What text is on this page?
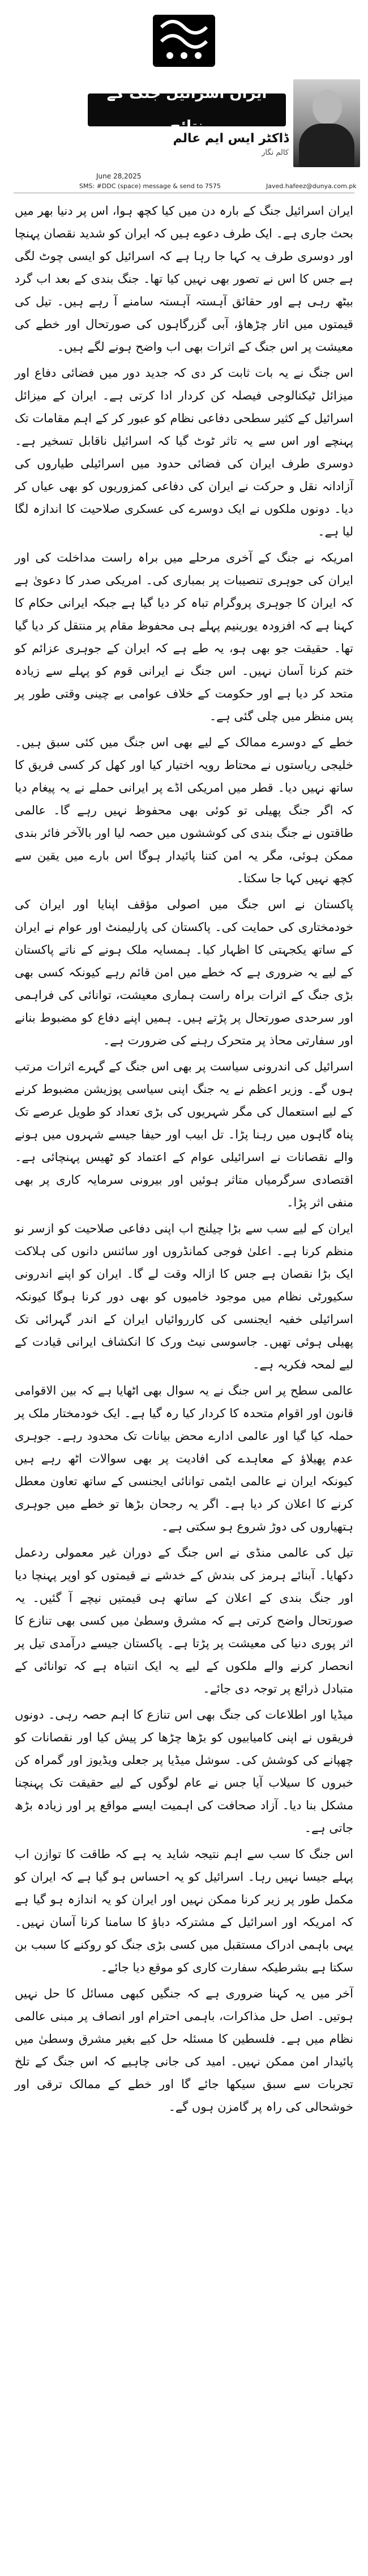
ایران اسرائیل جنگ کے نتائج
ڈاکٹر ایس ایم عالم
کالم نگار
June 28,2025
SMS: #DDC (space) message & send to 7575	Javed.hafeez@dunya.com.pk

ایران اسرائیل جنگ کے بارہ دن میں کیا کچھ ہوا، اس پر دنیا بھر میں بحث جاری ہے۔ ایک طرف دعوے ہیں کہ ایران کو شدید نقصان پہنچا اور دوسری طرف یہ کہا جا رہا ہے کہ اسرائیل کو ایسی چوٹ لگی ہے جس کا اس نے تصور بھی نہیں کیا تھا۔ جنگ بندی کے بعد اب گرد بیٹھ رہی ہے اور حقائق آہستہ آہستہ سامنے آ رہے ہیں۔ تیل کی قیمتوں میں اتار چڑھاؤ، آبی گزرگاہوں کی صورتحال اور خطے کی معیشت پر اس جنگ کے اثرات بھی اب واضح ہونے لگے ہیں۔

اس جنگ نے یہ بات ثابت کر دی کہ جدید دور میں فضائی دفاع اور میزائل ٹیکنالوجی فیصلہ کن کردار ادا کرتی ہے۔ ایران کے میزائل اسرائیل کے کثیر سطحی دفاعی نظام کو عبور کر کے اہم مقامات تک پہنچے اور اس سے یہ تاثر ٹوٹ گیا کہ اسرائیل ناقابل تسخیر ہے۔ دوسری طرف ایران کی فضائی حدود میں اسرائیلی طیاروں کی آزادانہ نقل و حرکت نے ایران کی دفاعی کمزوریوں کو بھی عیاں کر دیا۔ دونوں ملکوں نے ایک دوسرے کی عسکری صلاحیت کا اندازہ لگا لیا ہے۔

امریکہ نے جنگ کے آخری مرحلے میں براہ راست مداخلت کی اور ایران کی جوہری تنصیبات پر بمباری کی۔ امریکی صدر کا دعویٰ ہے کہ ایران کا جوہری پروگرام تباہ کر دیا گیا ہے جبکہ ایرانی حکام کا کہنا ہے کہ افزودہ یورینیم پہلے ہی محفوظ مقام پر منتقل کر دیا گیا تھا۔ حقیقت جو بھی ہو، یہ طے ہے کہ ایران کے جوہری عزائم کو ختم کرنا آسان نہیں۔ اس جنگ نے ایرانی قوم کو پہلے سے زیادہ متحد کر دیا ہے اور حکومت کے خلاف عوامی بے چینی وقتی طور پر پس منظر میں چلی گئی ہے۔

خطے کے دوسرے ممالک کے لیے بھی اس جنگ میں کئی سبق ہیں۔ خلیجی ریاستوں نے محتاط رویہ اختیار کیا اور کھل کر کسی فریق کا ساتھ نہیں دیا۔ قطر میں امریکی اڈے پر ایرانی حملے نے یہ پیغام دیا کہ اگر جنگ پھیلی تو کوئی بھی محفوظ نہیں رہے گا۔ عالمی طاقتوں نے جنگ بندی کی کوششوں میں حصہ لیا اور بالآخر فائر بندی ممکن ہوئی، مگر یہ امن کتنا پائیدار ہوگا اس بارے میں یقین سے کچھ نہیں کہا جا سکتا۔

پاکستان نے اس جنگ میں اصولی مؤقف اپنایا اور ایران کی خودمختاری کی حمایت کی۔ پاکستان کی پارلیمنٹ اور عوام نے ایران کے ساتھ یکجہتی کا اظہار کیا۔ ہمسایہ ملک ہونے کے ناتے پاکستان کے لیے یہ ضروری ہے کہ خطے میں امن قائم رہے کیونکہ کسی بھی بڑی جنگ کے اثرات براہ راست ہماری معیشت، توانائی کی فراہمی اور سرحدی صورتحال پر پڑتے ہیں۔ ہمیں اپنے دفاع کو مضبوط بنانے اور سفارتی محاذ پر متحرک رہنے کی ضرورت ہے۔

اسرائیل کی اندرونی سیاست پر بھی اس جنگ کے گہرے اثرات مرتب ہوں گے۔ وزیر اعظم نے یہ جنگ اپنی سیاسی پوزیشن مضبوط کرنے کے لیے استعمال کی مگر شہریوں کی بڑی تعداد کو طویل عرصے تک پناہ گاہوں میں رہنا پڑا۔ تل ابیب اور حیفا جیسے شہروں میں ہونے والے نقصانات نے اسرائیلی عوام کے اعتماد کو ٹھیس پہنچائی ہے۔ اقتصادی سرگرمیاں متاثر ہوئیں اور بیرونی سرمایہ کاری پر بھی منفی اثر پڑا۔

ایران کے لیے سب سے بڑا چیلنج اب اپنی دفاعی صلاحیت کو ازسر نو منظم کرنا ہے۔ اعلیٰ فوجی کمانڈروں اور سائنس دانوں کی ہلاکت ایک بڑا نقصان ہے جس کا ازالہ وقت لے گا۔ ایران کو اپنے اندرونی سکیورٹی نظام میں موجود خامیوں کو بھی دور کرنا ہوگا کیونکہ اسرائیلی خفیہ ایجنسی کی کارروائیاں ایران کے اندر گہرائی تک پھیلی ہوئی تھیں۔ جاسوسی نیٹ ورک کا انکشاف ایرانی قیادت کے لیے لمحہ فکریہ ہے۔

عالمی سطح پر اس جنگ نے یہ سوال بھی اٹھایا ہے کہ بین الاقوامی قانون اور اقوام متحدہ کا کردار کیا رہ گیا ہے۔ ایک خودمختار ملک پر حملہ کیا گیا اور عالمی ادارے محض بیانات تک محدود رہے۔ جوہری عدم پھیلاؤ کے معاہدے کی افادیت پر بھی سوالات اٹھ رہے ہیں کیونکہ ایران نے عالمی ایٹمی توانائی ایجنسی کے ساتھ تعاون معطل کرنے کا اعلان کر دیا ہے۔ اگر یہ رجحان بڑھا تو خطے میں جوہری ہتھیاروں کی دوڑ شروع ہو سکتی ہے۔

تیل کی عالمی منڈی نے اس جنگ کے دوران غیر معمولی ردعمل دکھایا۔ آبنائے ہرمز کی بندش کے خدشے نے قیمتوں کو اوپر پہنچا دیا اور جنگ بندی کے اعلان کے ساتھ ہی قیمتیں نیچے آ گئیں۔ یہ صورتحال واضح کرتی ہے کہ مشرق وسطیٰ میں کسی بھی تنازع کا اثر پوری دنیا کی معیشت پر پڑتا ہے۔ پاکستان جیسے درآمدی تیل پر انحصار کرنے والے ملکوں کے لیے یہ ایک انتباہ ہے کہ توانائی کے متبادل ذرائع پر توجہ دی جائے۔

میڈیا اور اطلاعات کی جنگ بھی اس تنازع کا اہم حصہ رہی۔ دونوں فریقوں نے اپنی کامیابیوں کو بڑھا چڑھا کر پیش کیا اور نقصانات کو چھپانے کی کوشش کی۔ سوشل میڈیا پر جعلی ویڈیوز اور گمراہ کن خبروں کا سیلاب آیا جس نے عام لوگوں کے لیے حقیقت تک پہنچنا مشکل بنا دیا۔ آزاد صحافت کی اہمیت ایسے مواقع پر اور زیادہ بڑھ جاتی ہے۔

اس جنگ کا سب سے اہم نتیجہ شاید یہ ہے کہ طاقت کا توازن اب پہلے جیسا نہیں رہا۔ اسرائیل کو یہ احساس ہو گیا ہے کہ ایران کو مکمل طور پر زیر کرنا ممکن نہیں اور ایران کو یہ اندازہ ہو گیا ہے کہ امریکہ اور اسرائیل کے مشترکہ دباؤ کا سامنا کرنا آسان نہیں۔ یہی باہمی ادراک مستقبل میں کسی بڑی جنگ کو روکنے کا سبب بن سکتا ہے بشرطیکہ سفارت کاری کو موقع دیا جائے۔

آخر میں یہ کہنا ضروری ہے کہ جنگیں کبھی مسائل کا حل نہیں ہوتیں۔ اصل حل مذاکرات، باہمی احترام اور انصاف پر مبنی عالمی نظام میں ہے۔ فلسطین کا مسئلہ حل کیے بغیر مشرق وسطیٰ میں پائیدار امن ممکن نہیں۔ امید کی جانی چاہیے کہ اس جنگ کے تلخ تجربات سے سبق سیکھا جائے گا اور خطے کے ممالک ترقی اور خوشحالی کی راہ پر گامزن ہوں گے۔
